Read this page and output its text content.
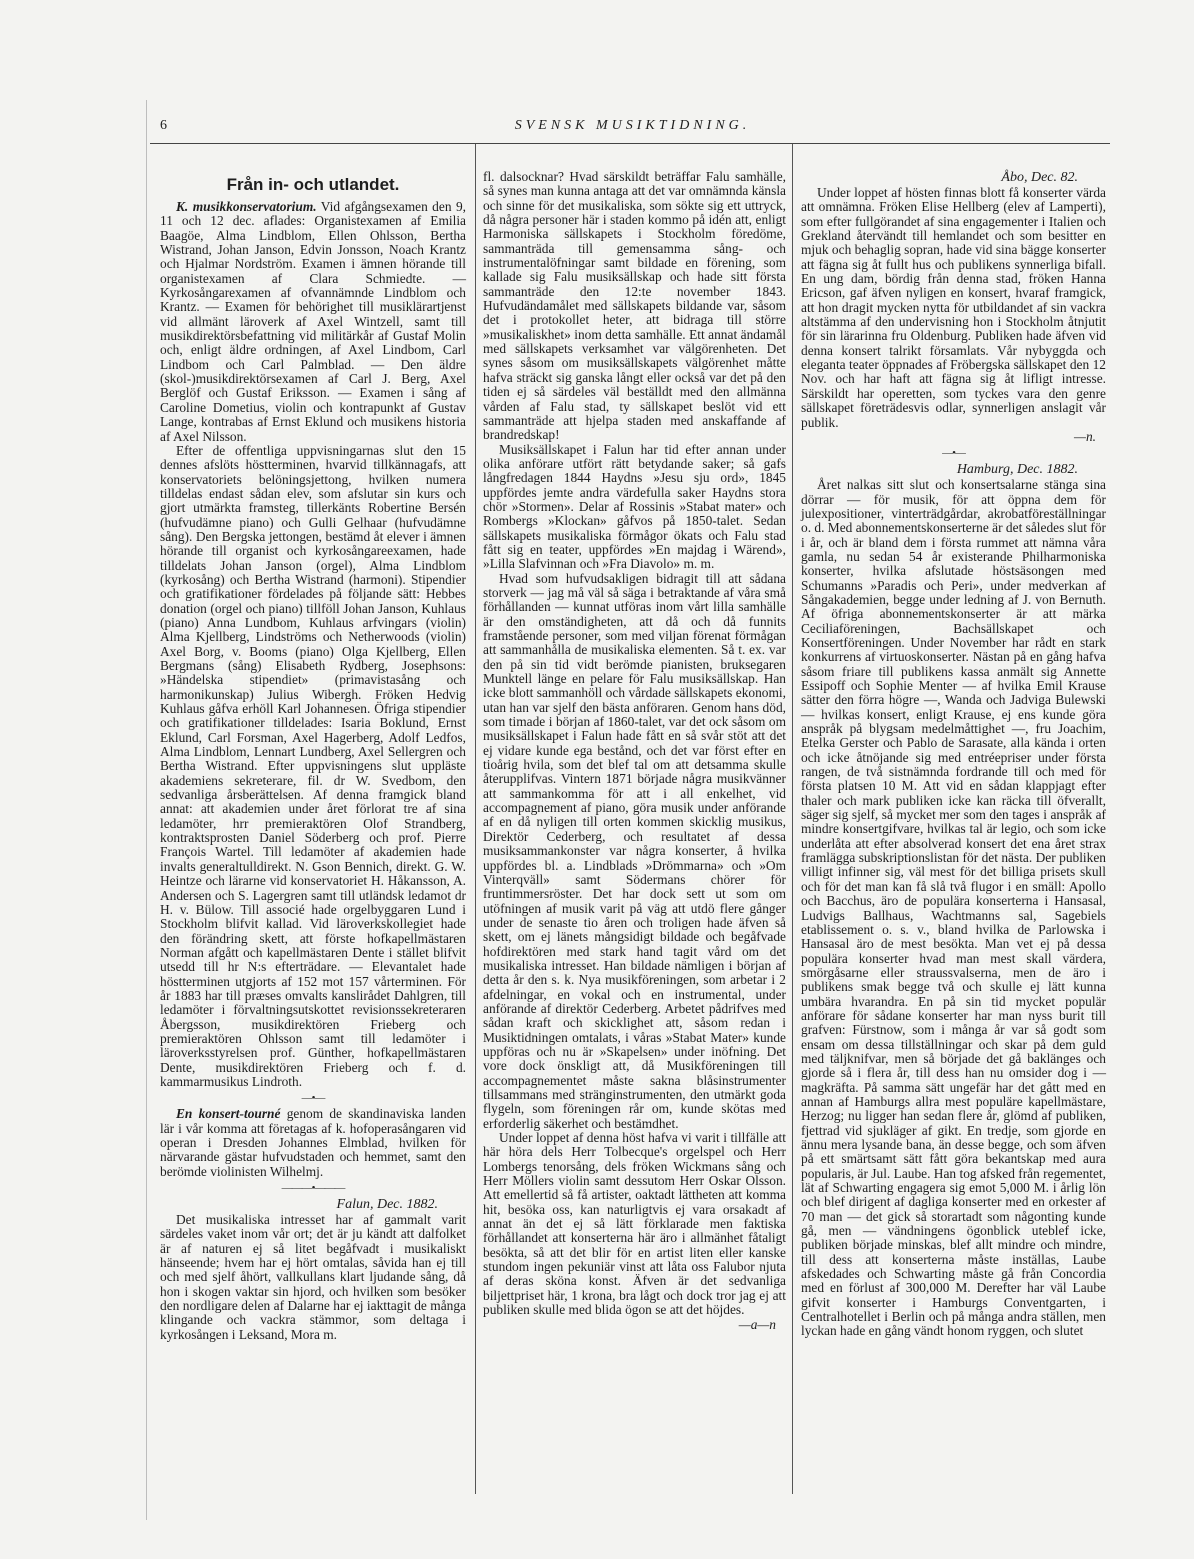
6	SVENSK MUSIKTIDNING.
Från in- och utlandet.

K. musikkonservatorium. Vid afgångsexamen den 9, 11 och 12 dec. aflades: Organistexamen af Emilia Baagöe, Alma Lindblom, Ellen Ohlsson, Bertha Wistrand, Johan Janson, Edvin Jonsson, Noach Krantz och Hjalmar Nordström. Examen i ämnen hörande till organistexamen af Clara Schmiedte. — Kyrkosångarexamen af ofvannämnde Lindblom och Krantz. — Examen för behörighet till musiklärartjenst vid allmänt läroverk af Axel Wintzell, samt till musikdirektörsbefattning vid militärkår af Gustaf Molin och, enligt äldre ordningen, af Axel Lindbom, Carl Lindbom och Carl Palmblad. — Den äldre (skol-)musikdirektörsexamen af Carl J. Berg, Axel Berglöf och Gustaf Eriksson. — Examen i sång af Caroline Dometius, violin och kontrapunkt af Gustav Lange, kontrabas af Ernst Eklund och musikens historia af Axel Nilsson.

Efter de offentliga uppvisningarnas slut den 15 dennes afslöts höstterminen, hvarvid tillkännagafs, att konservatoriets belöningsjettong, hvilken numera tilldelas endast sådan elev, som afslutar sin kurs och gjort utmärkta framsteg, tillerkänts Robertine Bersén (hufvudämne piano) och Gulli Gelhaar (hufvudämne sång). Den Bergska jettongen, bestämd åt elever i ämnen hörande till organist och kyrkosångareexamen, hade tilldelats Johan Janson (orgel), Alma Lindblom (kyrkosång) och Bertha Wistrand (harmoni). Stipendier och gratifikationer fördelades på följande sätt: Hebbes donation (orgel och piano) tillföll Johan Janson, Kuhlaus (piano) Anna Lundbom, Kuhlaus arfvingars (violin) Alma Kjellberg, Lindströms och Netherwoods (violin) Axel Borg, v. Booms (piano) Olga Kjellberg, Ellen Bergmans (sång) Elisabeth Rydberg, Josephsons: »Händelska stipendiet» (primavistasång och harmonikunskap) Julius Wibergh. Fröken Hedvig Kuhlaus gåfva erhöll Karl Johannesen. Öfriga stipendier och gratifikationer tilldelades: Isaria Boklund, Ernst Eklund, Carl Forsman, Axel Hagerberg, Adolf Ledfos, Alma Lindblom, Lennart Lundberg, Axel Sellergren och Bertha Wistrand. Efter uppvisningens slut uppläste akademiens sekreterare, fil. dr W. Svedbom, den sedvanliga årsberättelsen. Af denna framgick bland annat: att akademien under året förlorat tre af sina ledamöter, hrr premieraktören Olof Strandberg, kontraktsprosten Daniel Söderberg och prof. Pierre François Wartel. Till ledamöter af akademien hade invalts generaltulldirekt. N. Gson Bennich, direkt. G. W. Heintze och lärarne vid konservatoriet H. Håkansson, A. Andersen och S. Lagergren samt till utländsk ledamot dr H. v. Bülow. Till associé hade orgelbyggaren Lund i Stockholm blifvit kallad. Vid läroverkskollegiet hade den förändring skett, att förste hofkapellmästaren Norman afgått och kapellmästaren Dente i stället blifvit utsedd till hr N:s efterträdare. — Elevantalet hade höstterminen utgjorts af 152 mot 157 vårterminen. För år 1883 har till præses omvalts kanslirådet Dahlgren, till ledamöter i förvaltningsutskottet revisionssekreteraren Åbergsson, musikdirektören Frieberg och premieraktören Ohlsson samt till ledamöter i läroverksstyrelsen prof. Günther, hofkapellmästaren Dente, musikdirektören Frieberg och f. d. kammarmusikus Lindroth.

—•—

En konsert-tourné genom de skandinaviska landen lär i vår komma att företagas af k. hofoperasångaren vid operan i Dresden Johannes Elmblad, hvilken för närvarande gästar hufvudstaden och hemmet, samt den berömde violinisten Wilhelmj.

———•———
Falun, Dec. 1882.

Det musikaliska intresset har af gammalt varit särdeles vaket inom vår ort; det är ju kändt att dalfolket är af naturen ej så litet begåfvadt i musikaliskt hänseende; hvem har ej hört omtalas, såvida han ej till och med sjelf åhört, vallkullans klart ljudande sång, då hon i skogen vaktar sin hjord, och hvilken som besöker den nordligare delen af Dalarne har ej iakttagit de många klingande och vackra stämmor, som deltaga i kyrkosången i Leksand, Mora m.

fl. dalsocknar? Hvad särskildt beträffar Falu samhälle, så synes man kunna antaga att det var omnämnda känsla och sinne för det musikaliska, som sökte sig ett uttryck, då några personer här i staden kommo på idén att, enligt Harmoniska sällskapets i Stockholm föredöme, sammanträda till gemensamma sång- och instrumentalöfningar samt bildade en förening, som kallade sig Falu musiksällskap och hade sitt första sammanträde den 12:te november 1843. Hufvudändamålet med sällskapets bildande var, såsom det i protokollet heter, att bidraga till större »musikaliskhet» inom detta samhälle. Ett annat ändamål med sällskapets verksamhet var välgörenheten. Det synes såsom om musiksällskapets välgörenhet måtte hafva sträckt sig ganska långt eller också var det på den tiden ej så särdeles väl beställdt med den allmänna vården af Falu stad, ty sällskapet beslöt vid ett sammanträde att hjelpa staden med anskaffande af brandredskap!

Musiksällskapet i Falun har tid efter annan under olika anförare utfört rätt betydande saker; så gafs långfredagen 1844 Haydns »Jesu sju ord», 1845 uppfördes jemte andra värdefulla saker Haydns stora chör »Stormen». Delar af Rossinis »Stabat mater» och Rombergs »Klockan» gåfvos på 1850-talet. Sedan sällskapets musikaliska förmågor ökats och Falu stad fått sig en teater, uppfördes »En majdag i Wärend», »Lilla Slafvinnan och »Fra Diavolo» m. m.

Hvad som hufvudsakligen bidragit till att sådana storverk — jag må väl så säga i betraktande af våra små förhållanden — kunnat utföras inom vårt lilla samhälle är den omständigheten, att då och då funnits framstående personer, som med viljan förenat förmågan att sammanhålla de musikaliska elementen. Så t. ex. var den på sin tid vidt berömde pianisten, bruksegaren Munktell länge en pelare för Falu musiksällskap. Han icke blott sammanhöll och vårdade sällskapets ekonomi, utan han var sjelf den bästa anföraren. Genom hans död, som timade i början af 1860-talet, var det ock såsom om musiksällskapet i Falun hade fått en så svår stöt att det ej vidare kunde ega bestånd, och det var först efter en tioårig hvila, som det blef tal om att detsamma skulle återupplifvas. Vintern 1871 började några musikvänner att sammankomma för att i all enkelhet, vid accompagnement af piano, göra musik under anförande af en då nyligen till orten kommen skicklig musikus, Direktör Cederberg, och resultatet af dessa musiksammankonster var några konserter, å hvilka uppfördes bl. a. Lindblads »Drömmarna» och »Om Vinterqväll» samt Södermans chörer för fruntimmersröster. Det har dock sett ut som om utöfningen af musik varit på väg att utdö flere gånger under de senaste tio åren och troligen hade äfven så skett, om ej länets mångsidigt bildade och begåfvade hofdirektören med stark hand tagit vård om det musikaliska intresset. Han bildade nämligen i början af detta år den s. k. Nya musikföreningen, som arbetar i 2 afdelningar, en vokal och en instrumental, under anförande af direktör Cederberg. Arbetet pådrifves med sådan kraft och skicklighet att, såsom redan i Musiktidningen omtalats, i våras »Stabat Mater» kunde uppföras och nu är »Skapelsen» under inöfning. Det vore dock önskligt att, då Musikföreningen till accompagnementet måste sakna blåsinstrumenter tillsammans med stränginstrumenten, den utmärkt goda flygeln, som föreningen rår om, kunde skötas med erforderlig säkerhet och bestämdhet.

Under loppet af denna höst hafva vi varit i tillfälle att här höra dels Herr Tolbecque's orgelspel och Herr Lombergs tenorsång, dels fröken Wickmans sång och Herr Möllers violin samt dessutom Herr Oskar Olsson. Att emellertid så få artister, oaktadt lättheten att komma hit, besöka oss, kan naturligtvis ej vara orsakadt af annat än det ej så lätt förklarade men faktiska förhållandet att konserterna här äro i allmänhet fåtaligt besökta, så att det blir för en artist liten eller kanske stundom ingen pekuniär vinst att låta oss Falubor njuta af deras sköna konst. Äfven är det sedvanliga biljettpriset här, 1 krona, bra lågt och dock tror jag ej att publiken skulle med blida ögon se att det höjdes.

—a—n
Åbo, Dec. 82.

Under loppet af hösten finnas blott få konserter värda att omnämna. Fröken Elise Hellberg (elev af Lamperti), som efter fullgörandet af sina engagementer i Italien och Grekland återvändt till hemlandet och som besitter en mjuk och behaglig sopran, hade vid sina bägge konserter att fägna sig åt fullt hus och publikens synnerliga bifall. En ung dam, bördig från denna stad, fröken Hanna Ericson, gaf äfven nyligen en konsert, hvaraf framgick, att hon dragit mycken nytta för utbildandet af sin vackra altstämma af den undervisning hon i Stockholm åtnjutit för sin lärarinna fru Oldenburg. Publiken hade äfven vid denna konsert talrikt församlats. Vår nybyggda och eleganta teater öppnades af Fröbergska sällskapet den 12 Nov. och har haft att fägna sig åt lifligt intresse. Särskildt har operetten, som tyckes vara den genre sällskapet företrädesvis odlar, synnerligen anslagit vår publik.

—n.
—•—
Hamburg, Dec. 1882.

Året nalkas sitt slut och konsertsalarne stänga sina dörrar — för musik, för att öppna dem för julexpositioner, vinterträdgårdar, akrobatföreställningar o. d. Med abonnementskonserterne är det således slut för i år, och är bland dem i första rummet att nämna våra gamla, nu sedan 54 år existerande Philharmoniska konserter, hvilka afslutade höstsäsongen med Schumanns »Paradis och Peri», under medverkan af Sångakademien, begge under ledning af J. von Bernuth. Af öfriga abonnementskonserter är att märka Ceciliaföreningen, Bachsällskapet och Konsertföreningen. Under November har rådt en stark konkurrens af virtuoskonserter. Nästan på en gång hafva såsom friare till publikens kassa anmält sig Annette Essipoff och Sophie Menter — af hvilka Emil Krause sätter den förra högre —, Wanda och Jadviga Bulewski — hvilkas konsert, enligt Krause, ej ens kunde göra anspråk på blygsam medelmåttighet —, fru Joachim, Etelka Gerster och Pablo de Sarasate, alla kända i orten och icke åtnöjande sig med entréepriser under första rangen, de två sistnämnda fordrande till och med för första platsen 10 M. Att vid en sådan klappjagt efter thaler och mark publiken icke kan räcka till öfverallt, säger sig sjelf, så mycket mer som den tages i anspråk af mindre konsertgifvare, hvilkas tal är legio, och som icke underlåta att efter absolverad konsert det ena året strax framlägga subskriptionslistan för det nästa. Der publiken villigt infinner sig, väl mest för det billiga prisets skull och för det man kan få slå två flugor i en smäll: Apollo och Bacchus, äro de populära konserterna i Hansasal, Ludvigs Ballhaus, Wachtmanns sal, Sagebiels etablissement o. s. v., bland hvilka de Parlowska i Hansasal äro de mest besökta. Man vet ej på dessa populära konserter hvad man mest skall värdera, smörgåsarne eller straussvalserna, men de äro i publikens smak begge två och skulle ej lätt kunna umbära hvarandra. En på sin tid mycket populär anförare för sådane konserter har man nyss burit till grafven: Fürstnow, som i många år var så godt som ensam om dessa tillställningar och skar på dem guld med täljknifvar, men så började det gå baklänges och gjorde så i flera år, till dess han nu omsider dog i — magkräfta. På samma sätt ungefär har det gått med en annan af Hamburgs allra mest populäre kapellmästare, Herzog; nu ligger han sedan flere år, glömd af publiken, fjettrad vid sjukläger af gikt. En tredje, som gjorde en ännu mera lysande bana, än desse begge, och som äfven på ett smärtsamt sätt fått göra bekantskap med aura popularis, är Jul. Laube. Han tog afsked från regementet, lät af Schwarting engagera sig emot 5,000 M. i årlig lön och blef dirigent af dagliga konserter med en orkester af 70 man — det gick så storartadt som någonting kunde gå, men — vändningens ögonblick uteblef icke, publiken började minskas, blef allt mindre och mindre, till dess att konserterna måste inställas, Laube afskedades och Schwarting måste gå från Concordia med en förlust af 300,000 M. Derefter har väl Laube gifvit konserter i Hamburgs Conventgarten, i Centralhotellet i Berlin och på många andra ställen, men lyckan hade en gång vändt honom ryggen, och slutet
